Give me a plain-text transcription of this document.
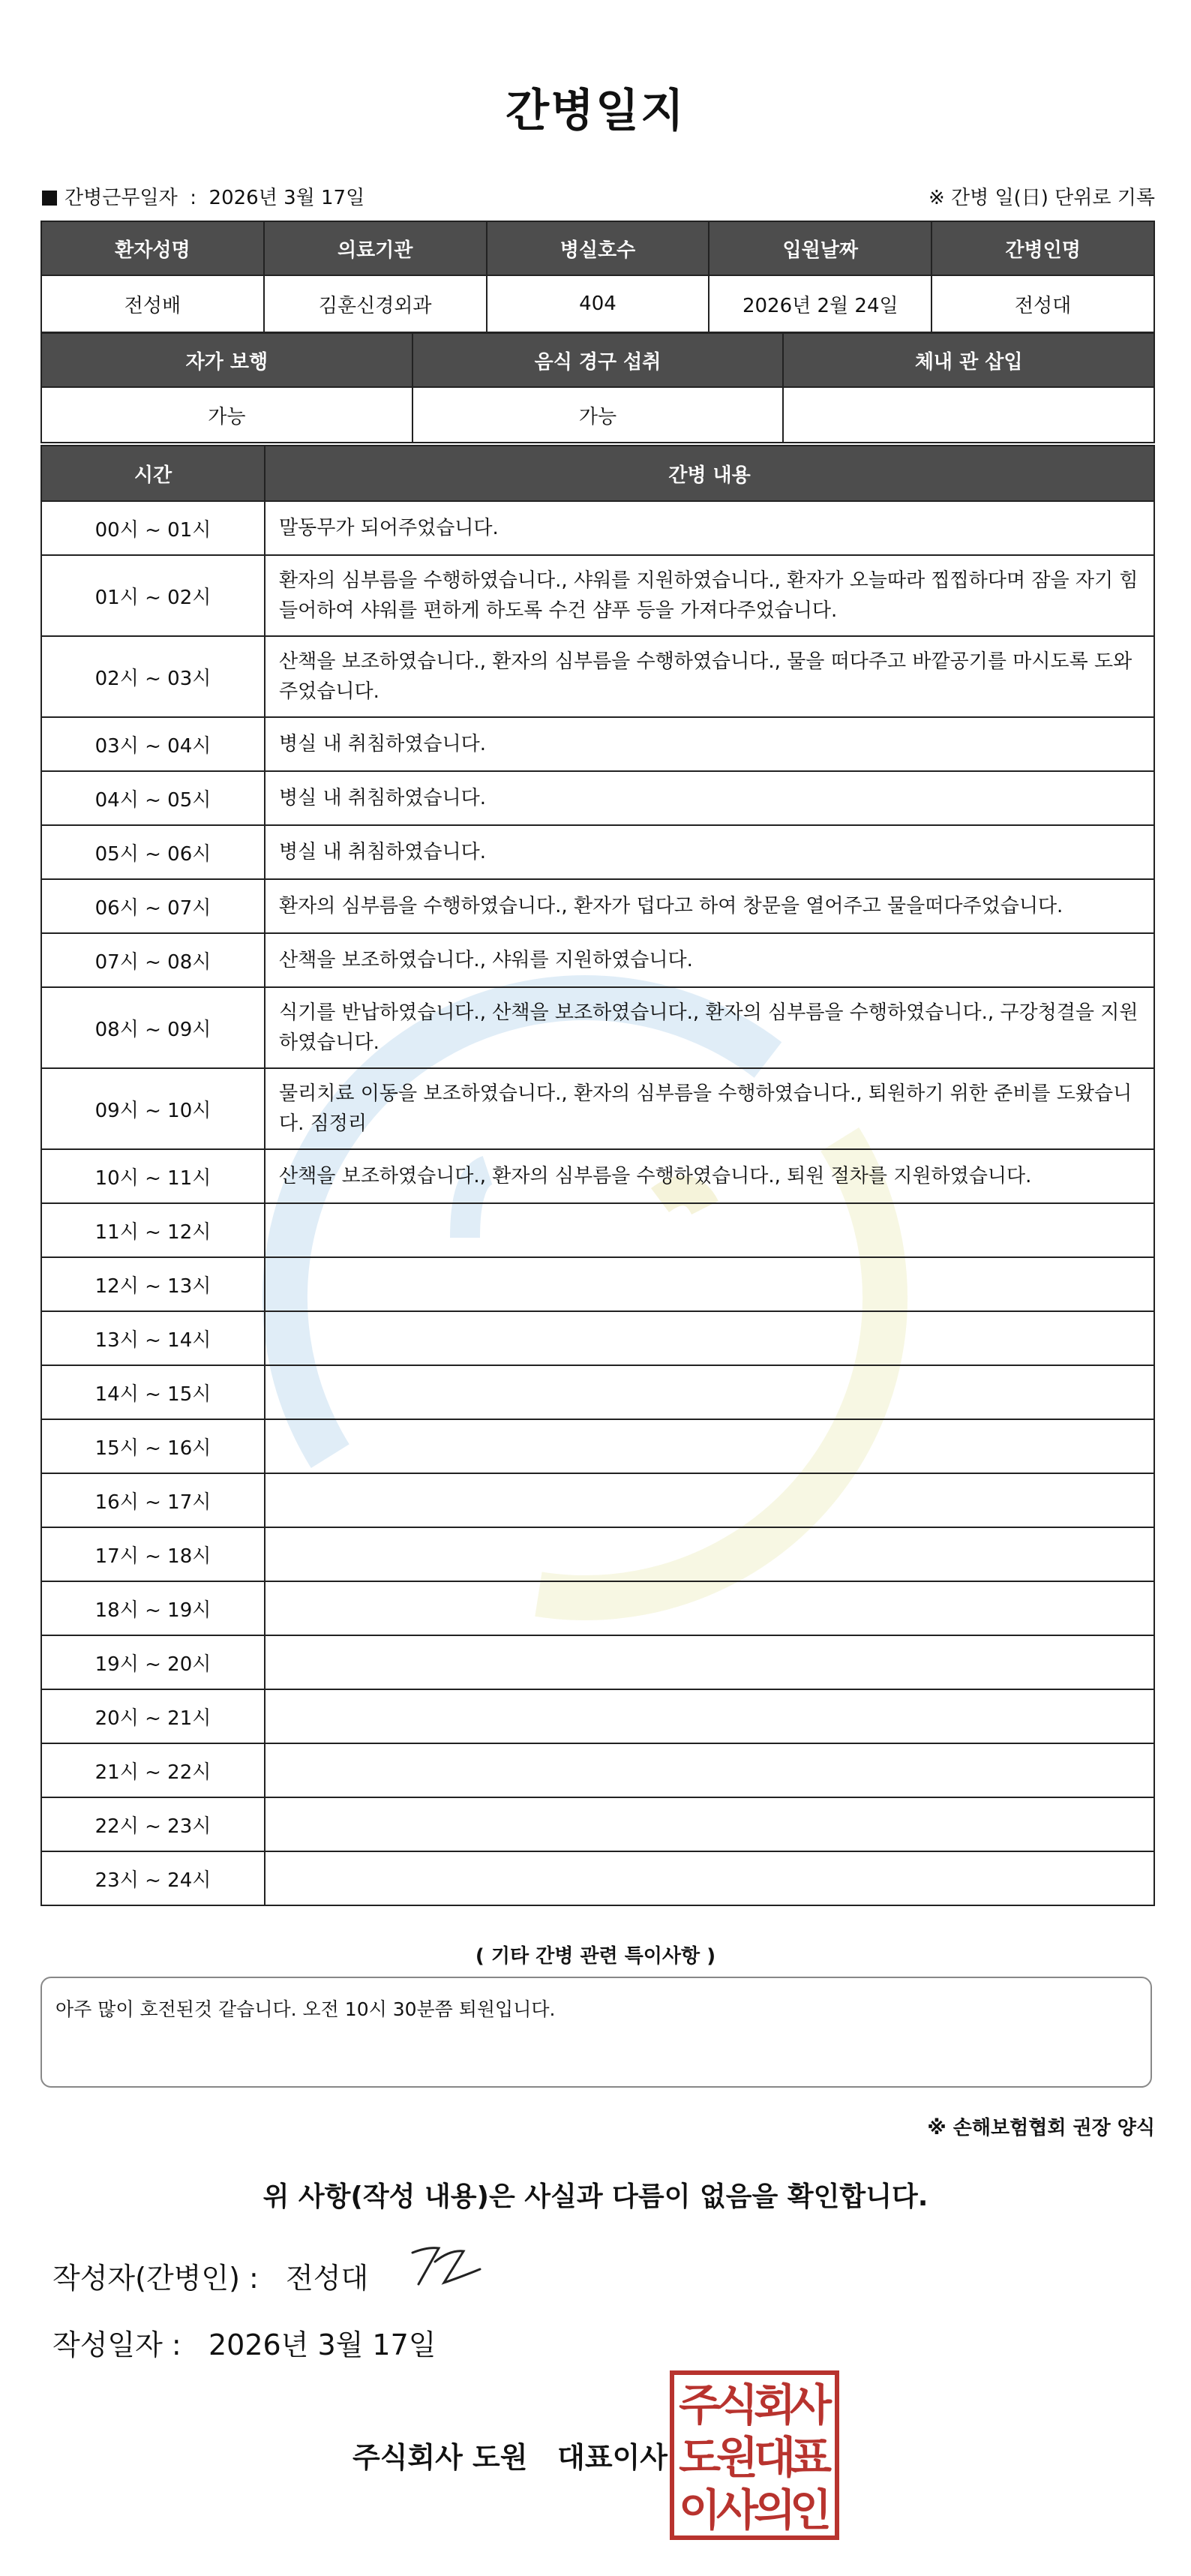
간병일지
간병근무일자 : 2026년 3월 17일	※ 간병 일(日) 단위로 기록
환자성명	의료기관	병실호수	입원날짜	간병인명
전성배	김훈신경외과	404	2026년 2월 24일	전성대
자가 보행	음식 경구 섭취	체내 관 삽입
가능	가능	
시간	간병 내용
00시 ~ 01시	말동무가 되어주었습니다.
01시 ~ 02시	환자의 심부름을 수행하였습니다., 샤워를 지원하였습니다., 환자가 오늘따라 찝찝하다며 잠을 자기 힘들어하여 샤워를 편하게 하도록 수건 샴푸 등을 가져다주었습니다.
02시 ~ 03시	산책을 보조하였습니다., 환자의 심부름을 수행하였습니다., 물을 떠다주고 바깥공기를 마시도록 도와주었습니다.
03시 ~ 04시	병실 내 취침하였습니다.
04시 ~ 05시	병실 내 취침하였습니다.
05시 ~ 06시	병실 내 취침하였습니다.
06시 ~ 07시	환자의 심부름을 수행하였습니다., 환자가 덥다고 하여 창문을 열어주고 물을떠다주었습니다.
07시 ~ 08시	산책을 보조하였습니다., 샤워를 지원하였습니다.
08시 ~ 09시	식기를 반납하였습니다., 산책을 보조하였습니다., 환자의 심부름을 수행하였습니다., 구강청결을 지원하였습니다.
09시 ~ 10시	물리치료 이동을 보조하였습니다., 환자의 심부름을 수행하였습니다., 퇴원하기 위한 준비를 도왔습니다. 짐정리
10시 ~ 11시	산책을 보조하였습니다., 환자의 심부름을 수행하였습니다., 퇴원 절차를 지원하였습니다.
11시 ~ 12시	
12시 ~ 13시	
13시 ~ 14시	
14시 ~ 15시	
15시 ~ 16시	
16시 ~ 17시	
17시 ~ 18시	
18시 ~ 19시	
19시 ~ 20시	
20시 ~ 21시	
21시 ~ 22시	
22시 ~ 23시	
23시 ~ 24시	
( 기타 간병 관련 특이사항 )
아주 많이 호전된것 같습니다. 오전 10시 30분쯤 퇴원입니다.
※ 손해보험협회 권장 양식
위 사항(작성 내용)은 사실과 다름이 없음을 확인합니다.
작성자(간병인) : 전성대
작성일자 : 2026년 3월 17일
주식회사 도원   대표이사
주
식
회
사
도
원
대
표
이
사
의
인
